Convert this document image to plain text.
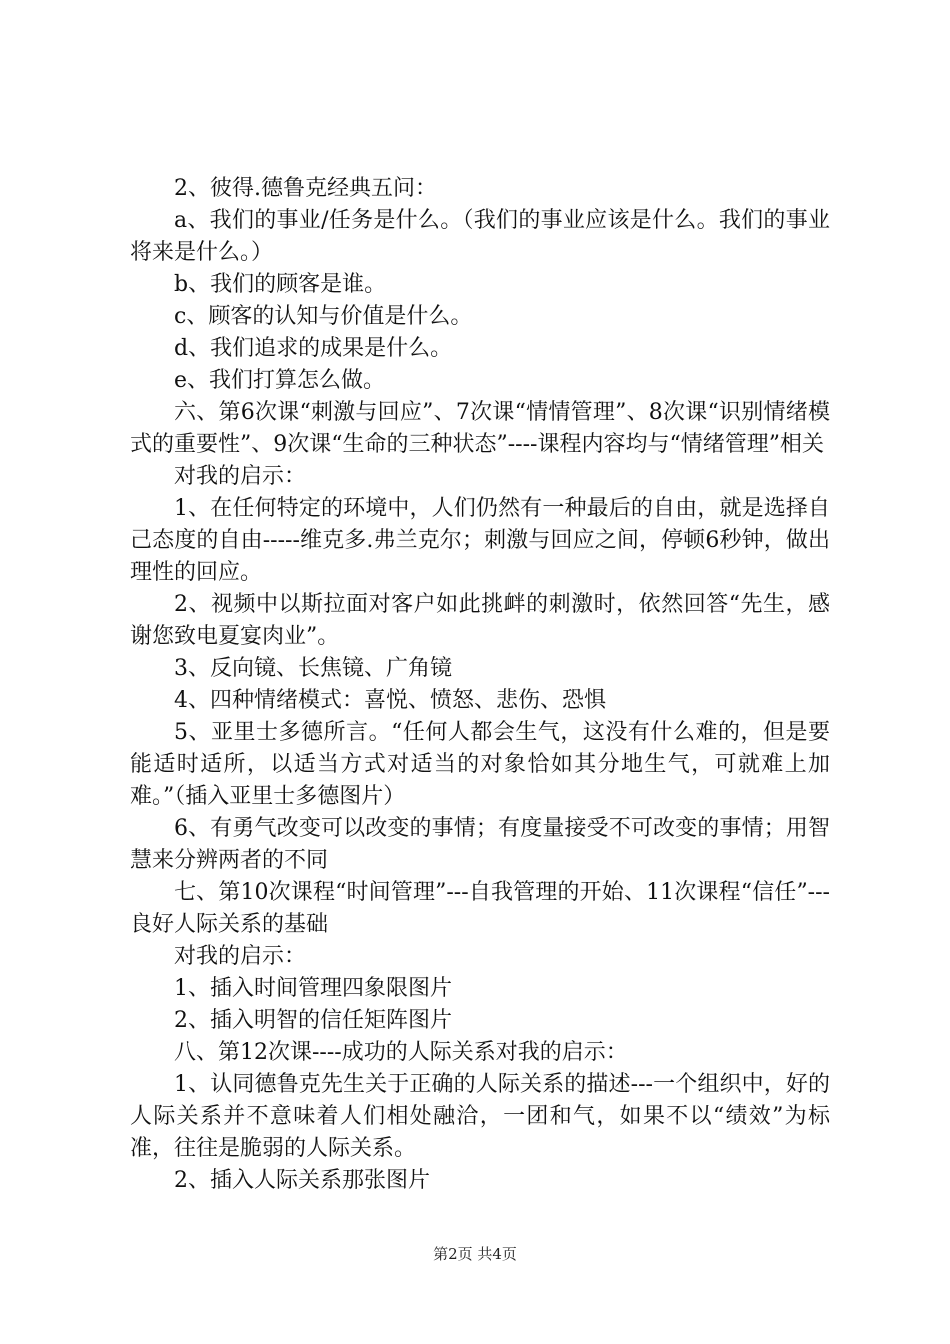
2、彼得.德鲁克经典五问：

a、我们的事业/任务是什么。（我们的事业应该是什么。我们的事业将来是什么。）

b、我们的顾客是谁。

c、顾客的认知与价值是什么。

d、我们追求的成果是什么。

e、我们打算怎么做。

六、第6次课“刺激与回应”、7次课“情情管理”、8次课“识别情绪模式的重要性”、9次课“生命的三种状态”----课程内容均与“情绪管理”相关

对我的启示：

1、在任何特定的环境中，人们仍然有一种最后的自由，就是选择自己态度的自由-----维克多.弗兰克尔；刺激与回应之间，停顿6秒钟，做出理性的回应。

2、视频中以斯拉面对客户如此挑衅的刺激时，依然回答“先生，感谢您致电夏宴肉业”。

3、反向镜、长焦镜、广角镜

4、四种情绪模式：喜悦、愤怒、悲伤、恐惧

5、亚里士多德所言。“任何人都会生气，这没有什么难的，但是要能适时适所，以适当方式对适当的对象恰如其分地生气，可就难上加难。”（插入亚里士多德图片）

6、有勇气改变可以改变的事情；有度量接受不可改变的事情；用智慧来分辨两者的不同

七、第10次课程“时间管理”---自我管理的开始、11次课程“信任”---良好人际关系的基础

对我的启示：

1、插入时间管理四象限图片

2、插入明智的信任矩阵图片

八、第12次课----成功的人际关系对我的启示：

1、认同德鲁克先生关于正确的人际关系的描述---一个组织中，好的人际关系并不意味着人们相处融洽，一团和气，如果不以“绩效”为标准，往往是脆弱的人际关系。

2、插入人际关系那张图片

第2页 共4页
